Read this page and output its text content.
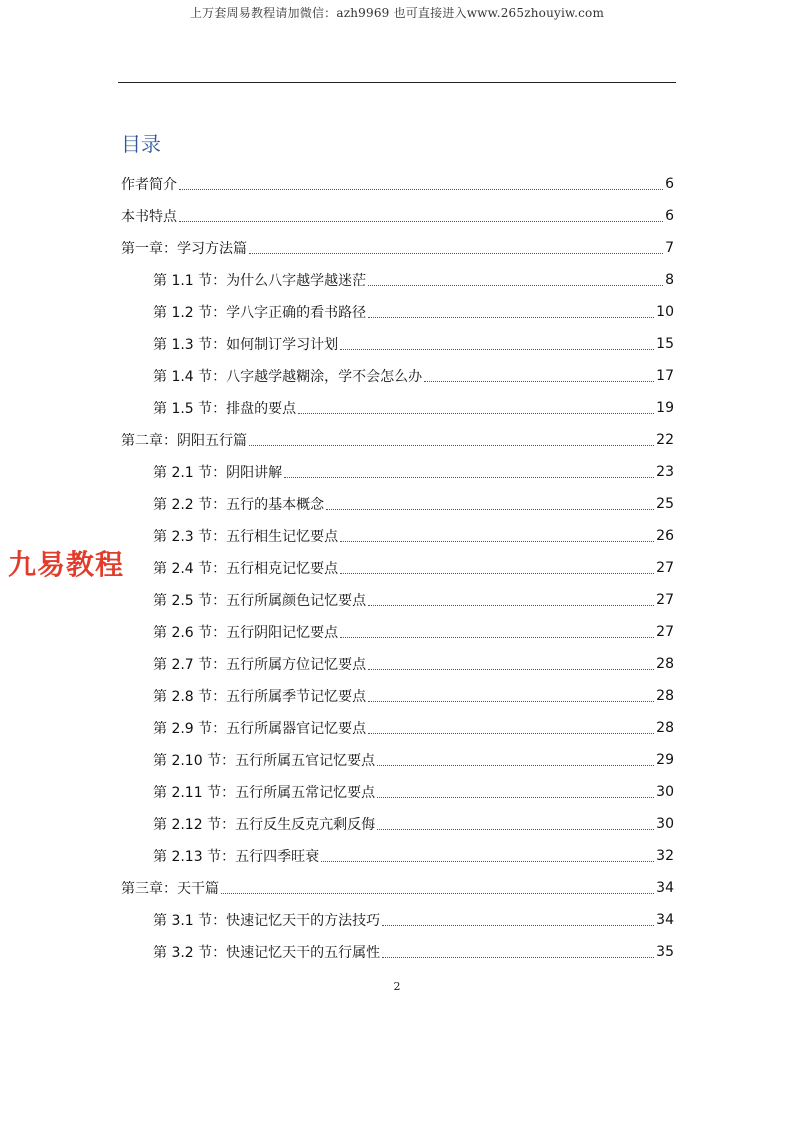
上万套周易教程请加微信：azh9969 也可直接进入www.265zhouyiw.com
目录
作者简介	6
本书特点	6
第一章：学习方法篇	7
第 1.1 节：为什么八字越学越迷茫	8
第 1.2 节：学八字正确的看书路径	10
第 1.3 节：如何制订学习计划	15
第 1.4 节：八字越学越糊涂，学不会怎么办	17
第 1.5 节：排盘的要点	19
第二章：阴阳五行篇	22
第 2.1 节：阴阳讲解	23
第 2.2 节：五行的基本概念	25
第 2.3 节：五行相生记忆要点	26
第 2.4 节：五行相克记忆要点	27
第 2.5 节：五行所属颜色记忆要点	27
第 2.6 节：五行阴阳记忆要点	27
第 2.7 节：五行所属方位记忆要点	28
第 2.8 节：五行所属季节记忆要点	28
第 2.9 节：五行所属器官记忆要点	28
第 2.10 节：五行所属五官记忆要点	29
第 2.11 节：五行所属五常记忆要点	30
第 2.12 节：五行反生反克亢剩反侮	30
第 2.13 节：五行四季旺衰	32
第三章：天干篇	34
第 3.1 节：快速记忆天干的方法技巧	34
第 3.2 节：快速记忆天干的五行属性	35
九易教程
2
